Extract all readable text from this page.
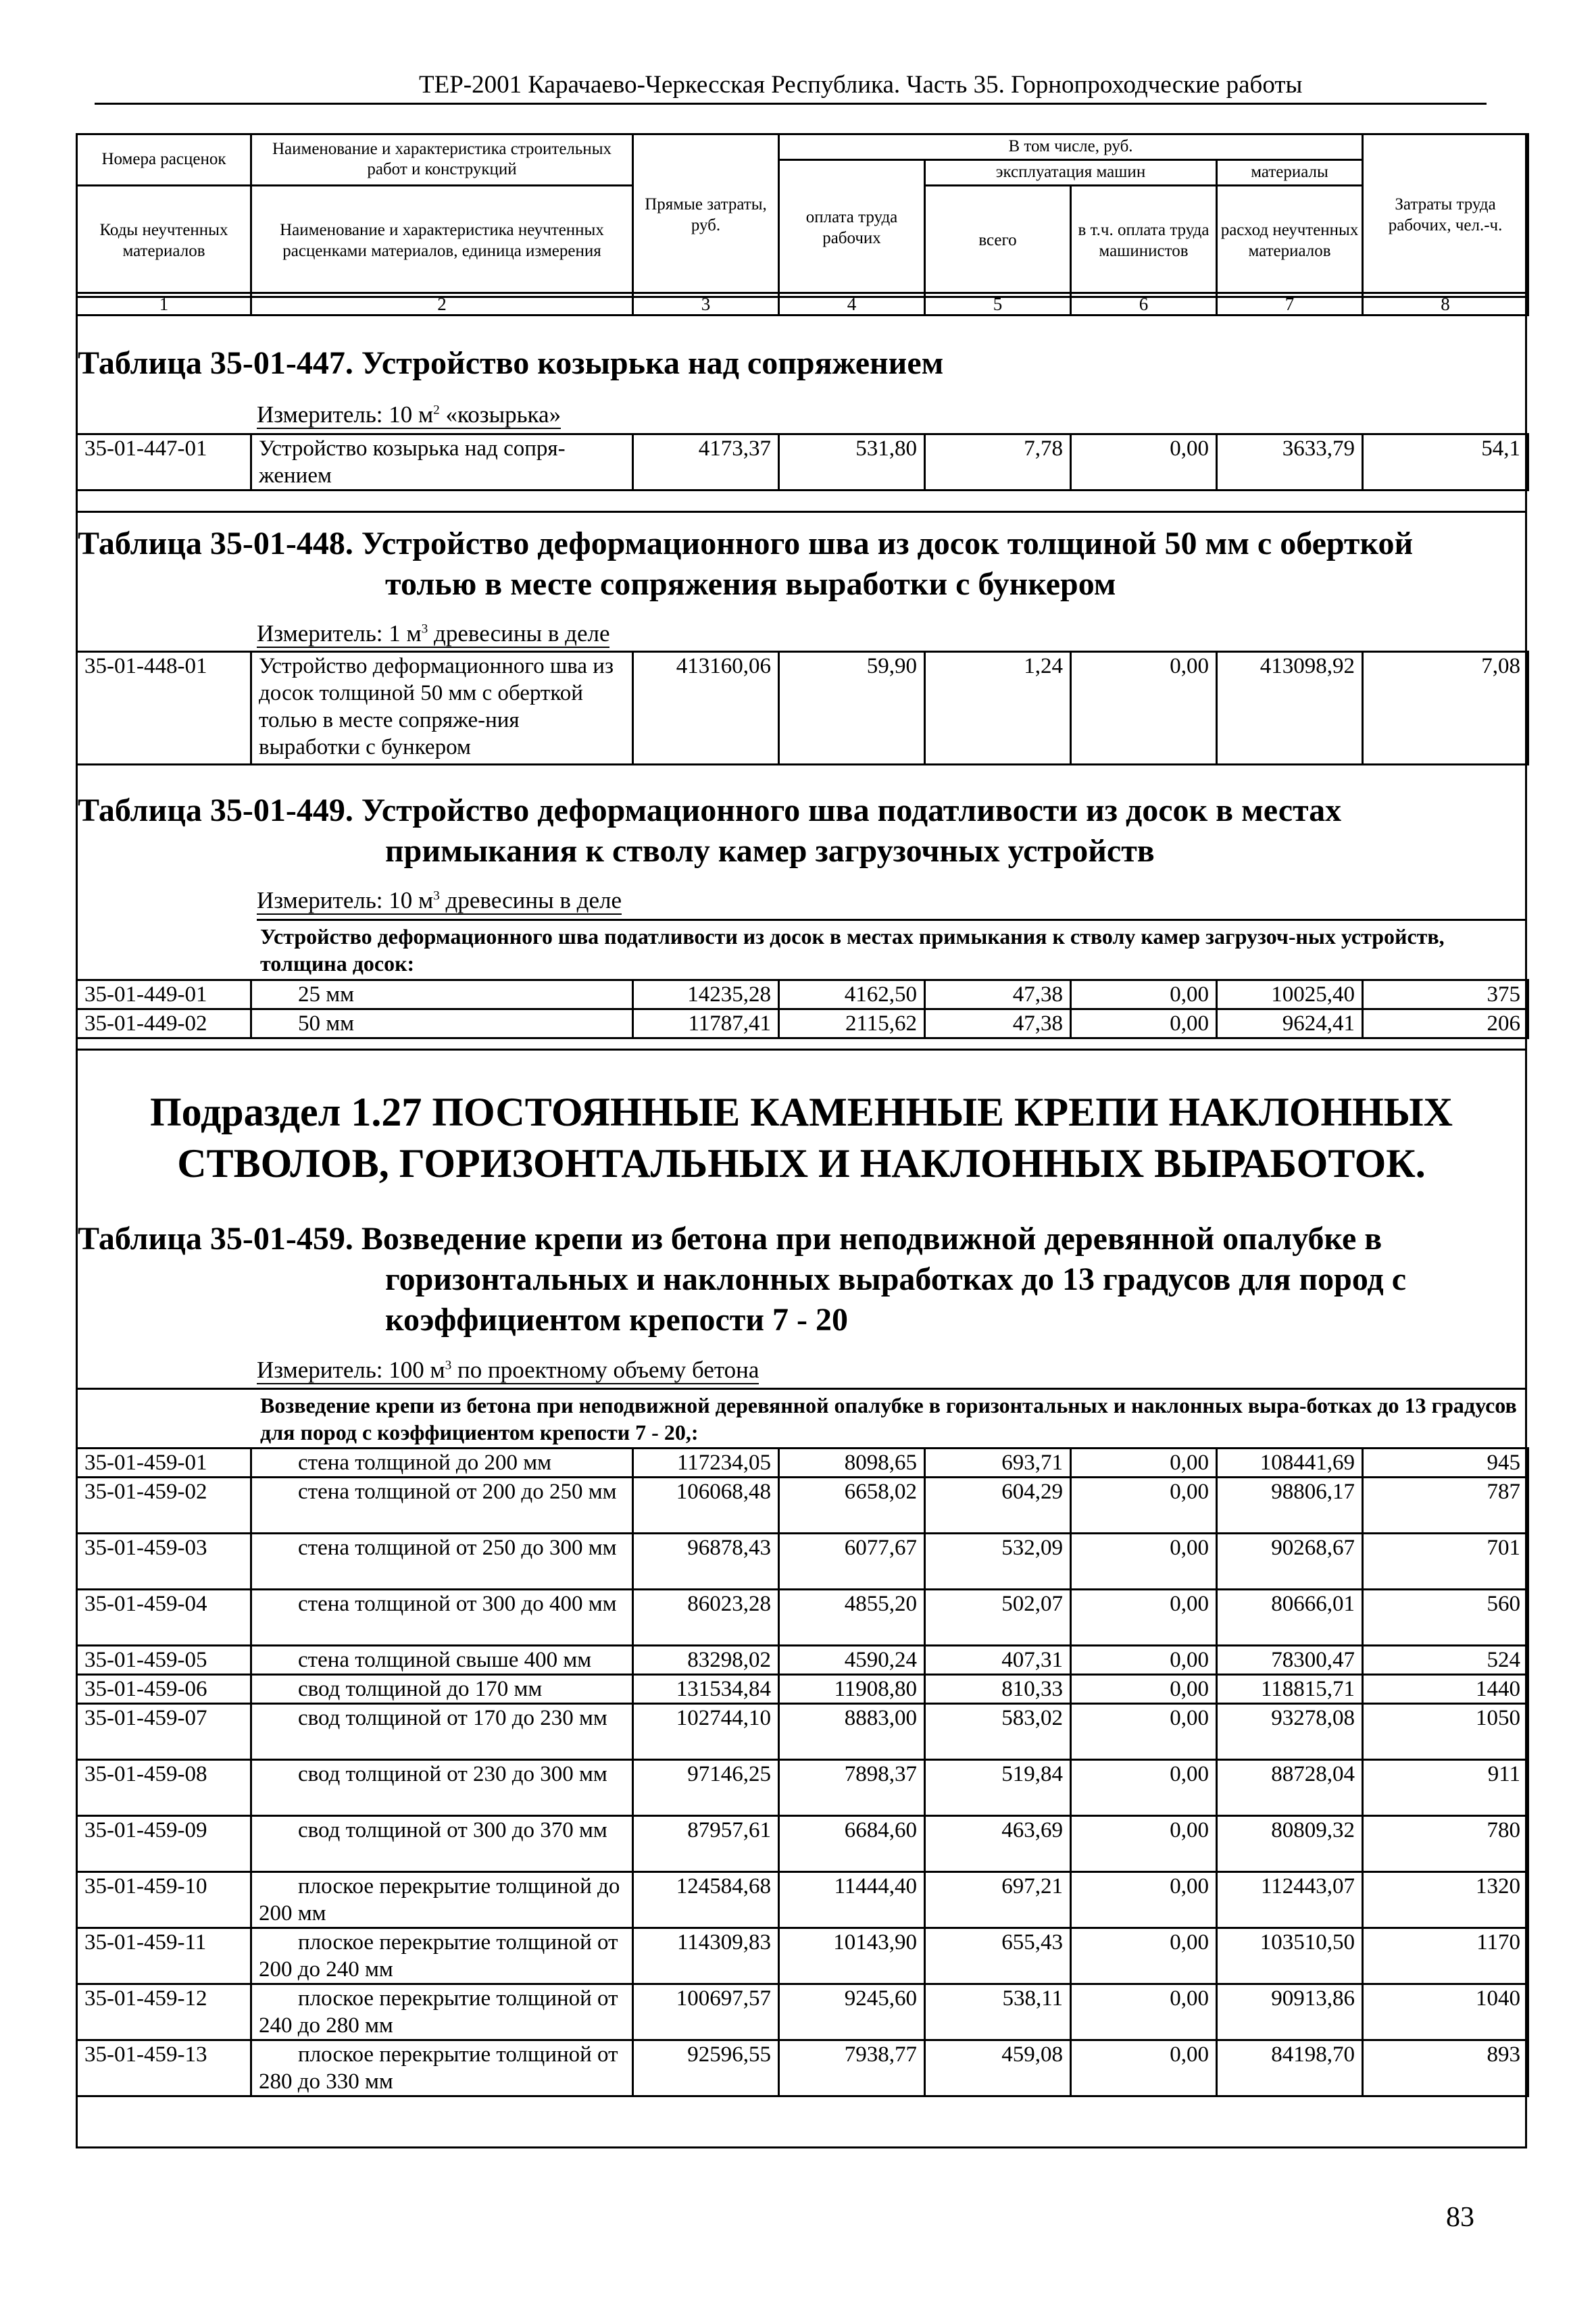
ТЕР-2001 Карачаево-Черкесская Республика. Часть 35. Горнопроходческие работы
Номера расценок	Наименование и характеристика строительных работ и конструкций	Прямые затраты, руб.	В том числе, руб.				Затраты труда рабочих, чел.-ч.
			оплата труда рабочих	эксплуатация машин		материалы	
Коды неучтенных материалов	Наименование и характеристика неучтенных расценками материалов, единица измерения			всего	в т.ч. оплата труда машинистов	расход неучтенных материалов	

1	2	3	4	5	6	7	8
Таблица 35-01-447. Устройство козырька над сопряжением
Измеритель: 10 $м^2$ «козырька»
35-01-447-01	Устройство козырька над сопря-жением	4173,37	531,80	7,78	0,00	3633,79	54,1
Таблица 35-01-448. Устройство деформационного шва из досок толщиной 50 мм с оберткой
толью в месте сопряжения выработки с бункером
Измеритель: 1 $м^3$ древесины в деле
35-01-448-01	Устройство деформационного шва из досок толщиной 50 мм с оберткой толью в месте сопряже-ния выработки с бункером	413160,06	59,90	1,24	0,00	413098,92	7,08
Таблица 35-01-449. Устройство деформационного шва податливости из досок в местах
примыкания к стволу камер загрузочных устройств
Измеритель: 10 $м^3$ древесины в деле
Устройство деформационного шва податливости из досок в местах примыкания к стволу камер загрузоч-ных устройств, толщина досок:
35-01-449-01	25 мм	14235,28	4162,50	47,38	0,00	10025,40	375
35-01-449-02	50 мм	11787,41	2115,62	47,38	0,00	9624,41	206
Подраздел 1.27 ПОСТОЯННЫЕ КАМЕННЫЕ КРЕПИ НАКЛОННЫХ
СТВОЛОВ, ГОРИЗОНТАЛЬНЫХ И НАКЛОННЫХ ВЫРАБОТОК.
Таблица 35-01-459. Возведение крепи из бетона при неподвижной деревянной опалубке в
горизонтальных и наклонных выработках до 13 градусов для пород с
коэффициентом крепости 7 - 20
Измеритель: 100 $м^3$ по проектному объему бетона
Возведение крепи из бетона при неподвижной деревянной опалубке в горизонтальных и наклонных выра-ботках до 13 градусов для пород с коэффициентом крепости 7 - 20,:
35-01-459-01	стена толщиной до 200 мм	117234,05	8098,65	693,71	0,00	108441,69	945
35-01-459-02	стена толщиной от 200 до 250 мм	106068,48	6658,02	604,29	0,00	98806,17	787
35-01-459-03	стена толщиной от 250 до 300 мм	96878,43	6077,67	532,09	0,00	90268,67	701
35-01-459-04	стена толщиной от 300 до 400 мм	86023,28	4855,20	502,07	0,00	80666,01	560
35-01-459-05	стена толщиной свыше 400 мм	83298,02	4590,24	407,31	0,00	78300,47	524
35-01-459-06	свод толщиной до 170 мм	131534,84	11908,80	810,33	0,00	118815,71	1440
35-01-459-07	свод толщиной от 170 до 230 мм	102744,10	8883,00	583,02	0,00	93278,08	1050
35-01-459-08	свод толщиной от 230 до 300 мм	97146,25	7898,37	519,84	0,00	88728,04	911
35-01-459-09	свод толщиной от 300 до 370 мм	87957,61	6684,60	463,69	0,00	80809,32	780
35-01-459-10	плоское перекрытие толщиной до 200 мм	124584,68	11444,40	697,21	0,00	112443,07	1320
35-01-459-11	плоское перекрытие толщиной от 200 до 240 мм	114309,83	10143,90	655,43	0,00	103510,50	1170
35-01-459-12	плоское перекрытие толщиной от 240 до 280 мм	100697,57	9245,60	538,11	0,00	90913,86	1040
35-01-459-13	плоское перекрытие толщиной от 280 до 330 мм	92596,55	7938,77	459,08	0,00	84198,70	893
83
